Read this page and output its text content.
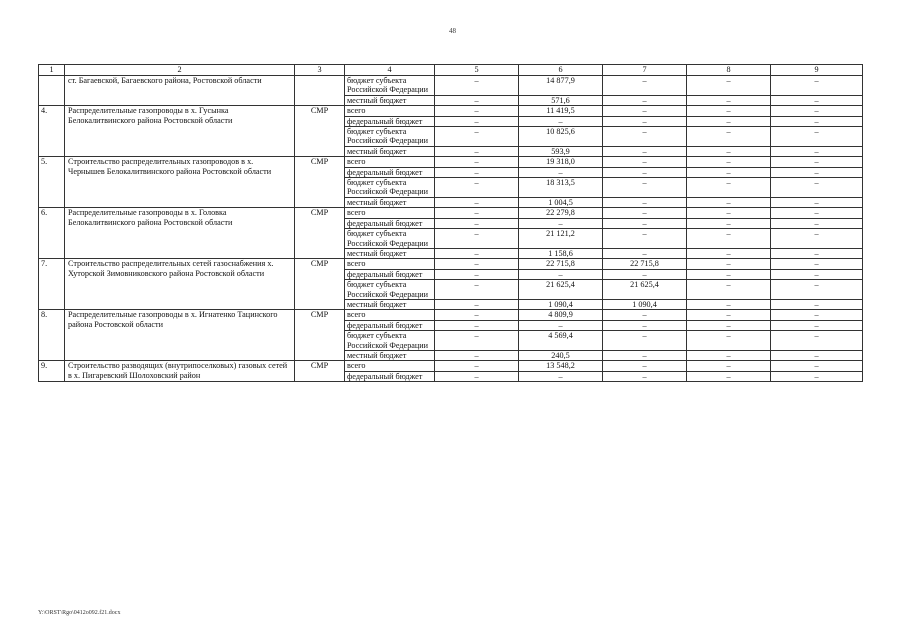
48
1	2	3	4	5	6	7	8	9
	ст. Багаевской, Багаевского района, Ростовской области		бюджет субъекта Российской Федерации	–	14 877,9	–	–	–
			местный бюджет	–	571,6	–	–	–
4.	Распределительные газопроводы в х. Гусынка Белокалитвинского района Ростовской области	СМР	всего	–	11 419,5	–	–	–
			федеральный бюджет	–	–	–	–	–
			бюджет субъекта Российской Федерации	–	10 825,6	–	–	–
			местный бюджет	–	593,9	–	–	–
5.	Строительство распределительных газопроводов в х. Чернышев Белокалитвинского района Ростовской области	СМР	всего	–	19 318,0	–	–	–
			федеральный бюджет	–	–	–	–	–
			бюджет субъекта Российской Федерации	–	18 313,5	–	–	–
			местный бюджет	–	1 004,5	–	–	–
6.	Распределительные газопроводы в х. Головка Белокалитвинского района Ростовской области	СМР	всего	–	22 279,8	–	–	–
			федеральный бюджет	–	–	–	–	–
			бюджет субъекта Российской Федерации	–	21 121,2	–	–	–
			местный бюджет	–	1 158,6	–	–	–
7.	Строительство распределительных сетей газоснабжения х. Хуторской Зимовниковского района Ростовской области	СМР	всего	–	22 715,8	22 715,8	–	–
			федеральный бюджет	–	–	–	–	–
			бюджет субъекта Российской Федерации	–	21 625,4	21 625,4	–	–
			местный бюджет	–	1 090,4	1 090,4	–	–
8.	Распределительные газопроводы в х. Игнатенко Тацинского района Ростовской области	СМР	всего	–	4 809,9	–	–	–
			федеральный бюджет	–	–	–	–	–
			бюджет субъекта Российской Федерации	–	4 569,4	–	–	–
			местный бюджет	–	240,5	–	–	–
9.	Строительство разводящих (внутрипоселковых) газовых сетей в х. Пигаревский Шолоховский район	СМР	всего	–	13 548,2	–	–	–
			федеральный бюджет	–	–	–	–	–
Y:\ORST\Rgo\0412o092.f21.docx
